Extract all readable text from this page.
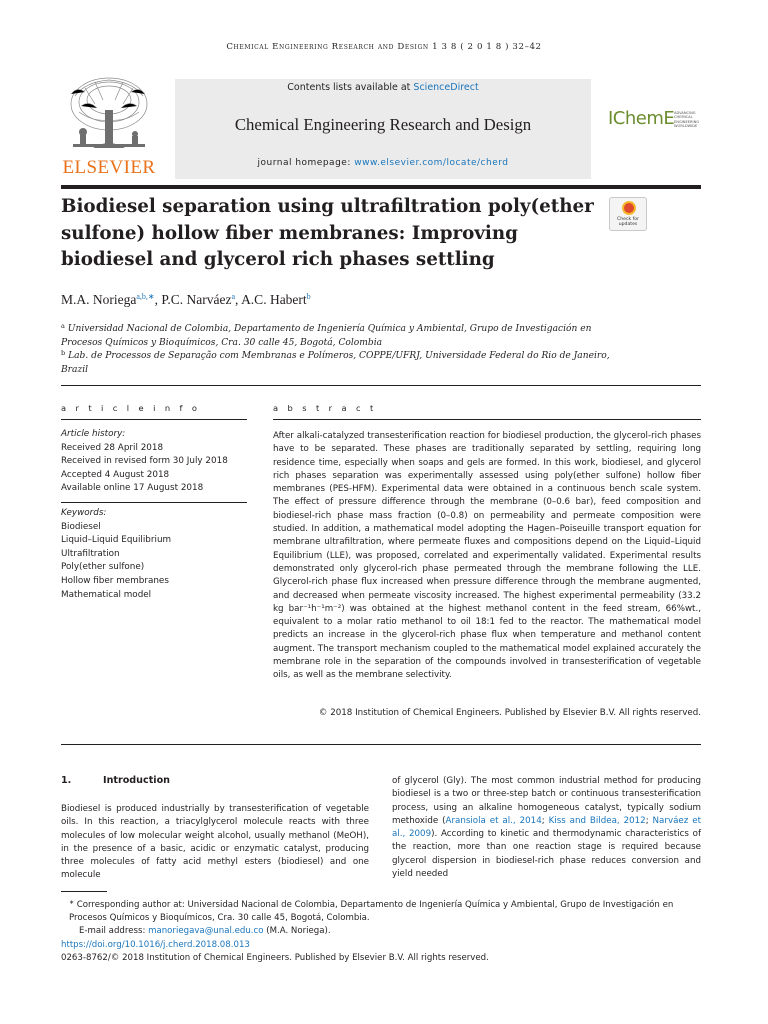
Chemical Engineering Research and Design 1 3 8 ( 2 0 1 8 ) 32–42
ELSEVIER
Contents lists available at ScienceDirect
Chemical Engineering Research and Design
journal homepage: www.elsevier.com/locate/cherd
IChemE ADVANCING
CHEMICAL
ENGINEERING
WORLDWIDE
Biodiesel separation using ultrafiltration poly(ether sulfone) hollow fiber membranes: Improving biodiesel and glycerol rich phases settling
Check for
updates
M.A. Noriega$^{a,b,∗}$, P.C. Narváez$^a$, A.C. Habert$^b$
$^a$ Universidad Nacional de Colombia, Departamento de Ingeniería Química y Ambiental, Grupo de Investigación en Procesos Químicos y Bioquímicos, Cra. 30 calle 45, Bogotá, Colombia
$^b$ Lab. de Processos de Separação com Membranas e Polímeros, COPPE/UFRJ, Universidade Federal do Rio de Janeiro, Brazil
a r t i c l e i n f o
Article history:
Received 28 April 2018
Received in revised form 30 July 2018
Accepted 4 August 2018
Available online 17 August 2018
Keywords:
Biodiesel
Liquid–Liquid Equilibrium
Ultrafiltration
Poly(ether sulfone)
Hollow fiber membranes
Mathematical model
a b s t r a c t
After alkali-catalyzed transesterification reaction for biodiesel production, the glycerol-rich phases have to be separated. These phases are traditionally separated by settling, requiring long residence time, especially when soaps and gels are formed. In this work, biodiesel, and glycerol rich phases separation was experimentally assessed using poly(ether sulfone) hollow fiber membranes (PES-HFM). Experimental data were obtained in a continuous bench scale system. The effect of pressure difference through the membrane (0–0.6 bar), feed composition and biodiesel-rich phase mass fraction (0–0.8) on permeability and permeate composition were studied. In addition, a mathematical model adopting the Hagen–Poiseuille transport equation for membrane ultrafiltration, where permeate fluxes and compositions depend on the Liquid–Liquid Equilibrium (LLE), was proposed, correlated and experimentally validated. Experimental results demonstrated only glycerol-rich phase permeated through the membrane following the LLE. Glycerol-rich phase flux increased when pressure difference through the membrane augmented, and decreased when permeate viscosity increased. The highest experimental permeability (33.2 kg bar⁻¹h⁻¹m⁻²) was obtained at the highest methanol content in the feed stream, 66%wt., equivalent to a molar ratio methanol to oil 18:1 fed to the reactor. The mathematical model predicts an increase in the glycerol-rich phase flux when temperature and methanol content augment. The transport mechanism coupled to the mathematical model explained accurately the membrane role in the separation of the compounds involved in transesterification of vegetable oils, as well as the membrane selectivity.
© 2018 Institution of Chemical Engineers. Published by Elsevier B.V. All rights reserved.
1.	Introduction
Biodiesel is produced industrially by transesterification of vegetable oils. In this reaction, a triacylglycerol molecule reacts with three molecules of low molecular weight alcohol, usually methanol (MeOH), in the presence of a basic, acidic or enzymatic catalyst, producing three molecules of fatty acid methyl esters (biodiesel) and one molecule
of glycerol (Gly). The most common industrial method for producing biodiesel is a two or three-step batch or continuous transesterification process, using an alkaline homogeneous catalyst, typically sodium methoxide (Aransiola et al., 2014; Kiss and Bildea, 2012; Narváez et al., 2009). According to kinetic and thermodynamic characteristics of the reaction, more than one reaction stage is required because glycerol dispersion in biodiesel-rich phase reduces conversion and yield needed
∗ Corresponding author at: Universidad Nacional de Colombia, Departamento de Ingeniería Química y Ambiental, Grupo de Investigación en Procesos Químicos y Bioquímicos, Cra. 30 calle 45, Bogotá, Colombia.
E-mail address: manoriegava@unal.edu.co (M.A. Noriega).
https://doi.org/10.1016/j.cherd.2018.08.013
0263-8762/© 2018 Institution of Chemical Engineers. Published by Elsevier B.V. All rights reserved.
